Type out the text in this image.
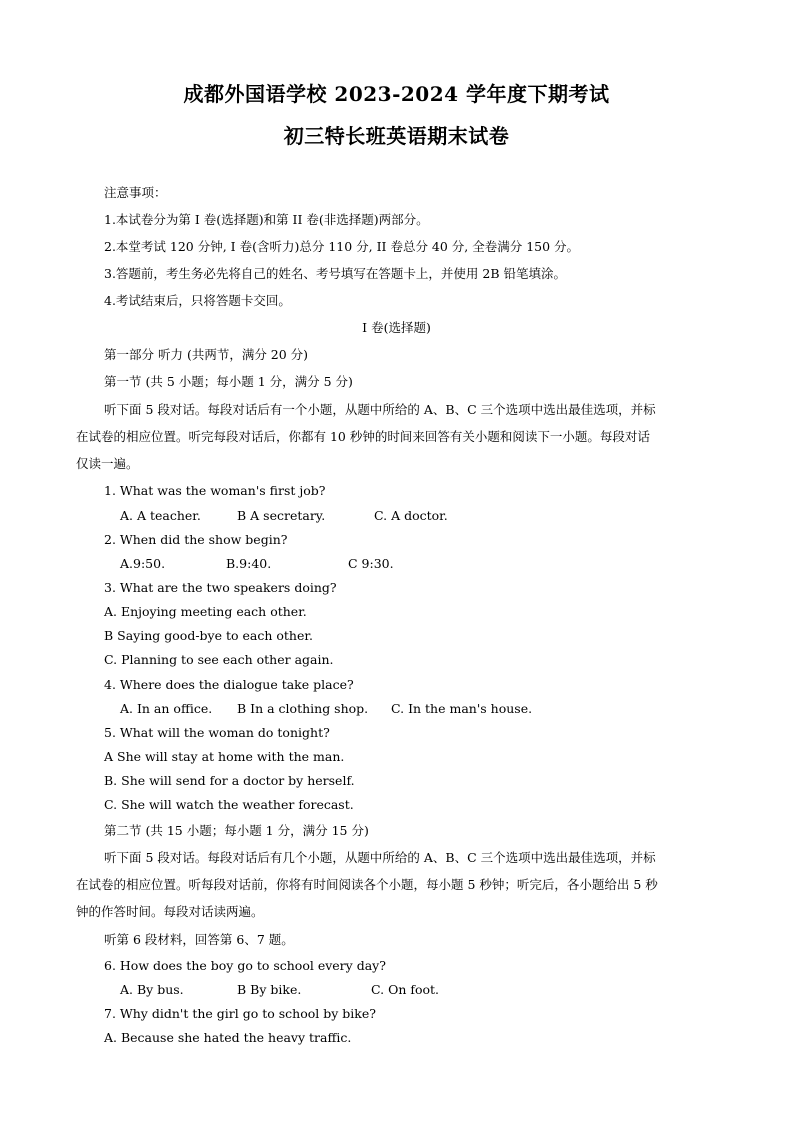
成都外国语学校 2023-2024 学年度下期考试
初三特长班英语期末试卷
注意事项：
1.本试卷分为第 I 卷(选择题)和第 II 卷(非选择题)两部分。
2.本堂考试 120 分钟, I 卷(含听力)总分 110 分, II 卷总分 40 分, 全卷满分 150 分。
3.答题前，考生务必先将自己的姓名、考号填写在答题卡上，并使用 2B 铅笔填涂。
4.考试结束后，只将答题卡交回。
I 卷(选择题)
第一部分 听力 (共两节，满分 20 分)
第一节 (共 5 小题；每小题 1 分，满分 5 分)
听下面 5 段对话。每段对话后有一个小题，从题中所给的 A、B、C 三个选项中选出最佳选项，并标
在试卷的相应位置。听完每段对话后，你都有 10 秒钟的时间来回答有关小题和阅读下一小题。每段对话
仅读一遍。
1. What was the woman's first job?
A. A teacher.	B A secretary.	C. A doctor.
2. When did the show begin?
A.9:50.	B.9:40.	C 9:30.
3. What are the two speakers doing?
A. Enjoying meeting each other.
B Saying good-bye to each other.
C. Planning to see each other again.
4. Where does the dialogue take place?
A. In an office. B In a clothing shop. C. In the man's house.
5. What will the woman do tonight?
A She will stay at home with the man.
B. She will send for a doctor by herself.
C. She will watch the weather forecast.
第二节 (共 15 小题；每小题 1 分，满分 15 分)
听下面 5 段对话。每段对话后有几个小题，从题中所给的 A、B、C 三个选项中选出最佳选项，并标
在试卷的相应位置。听每段对话前，你将有时间阅读各个小题，每小题 5 秒钟；听完后，各小题给出 5 秒
钟的作答时间。每段对话读两遍。
听第 6 段材料，回答第 6、7 题。
6. How does the boy go to school every day?
A. By bus.	B By bike.	C. On foot.
7. Why didn't the girl go to school by bike?
A. Because she hated the heavy traffic.
